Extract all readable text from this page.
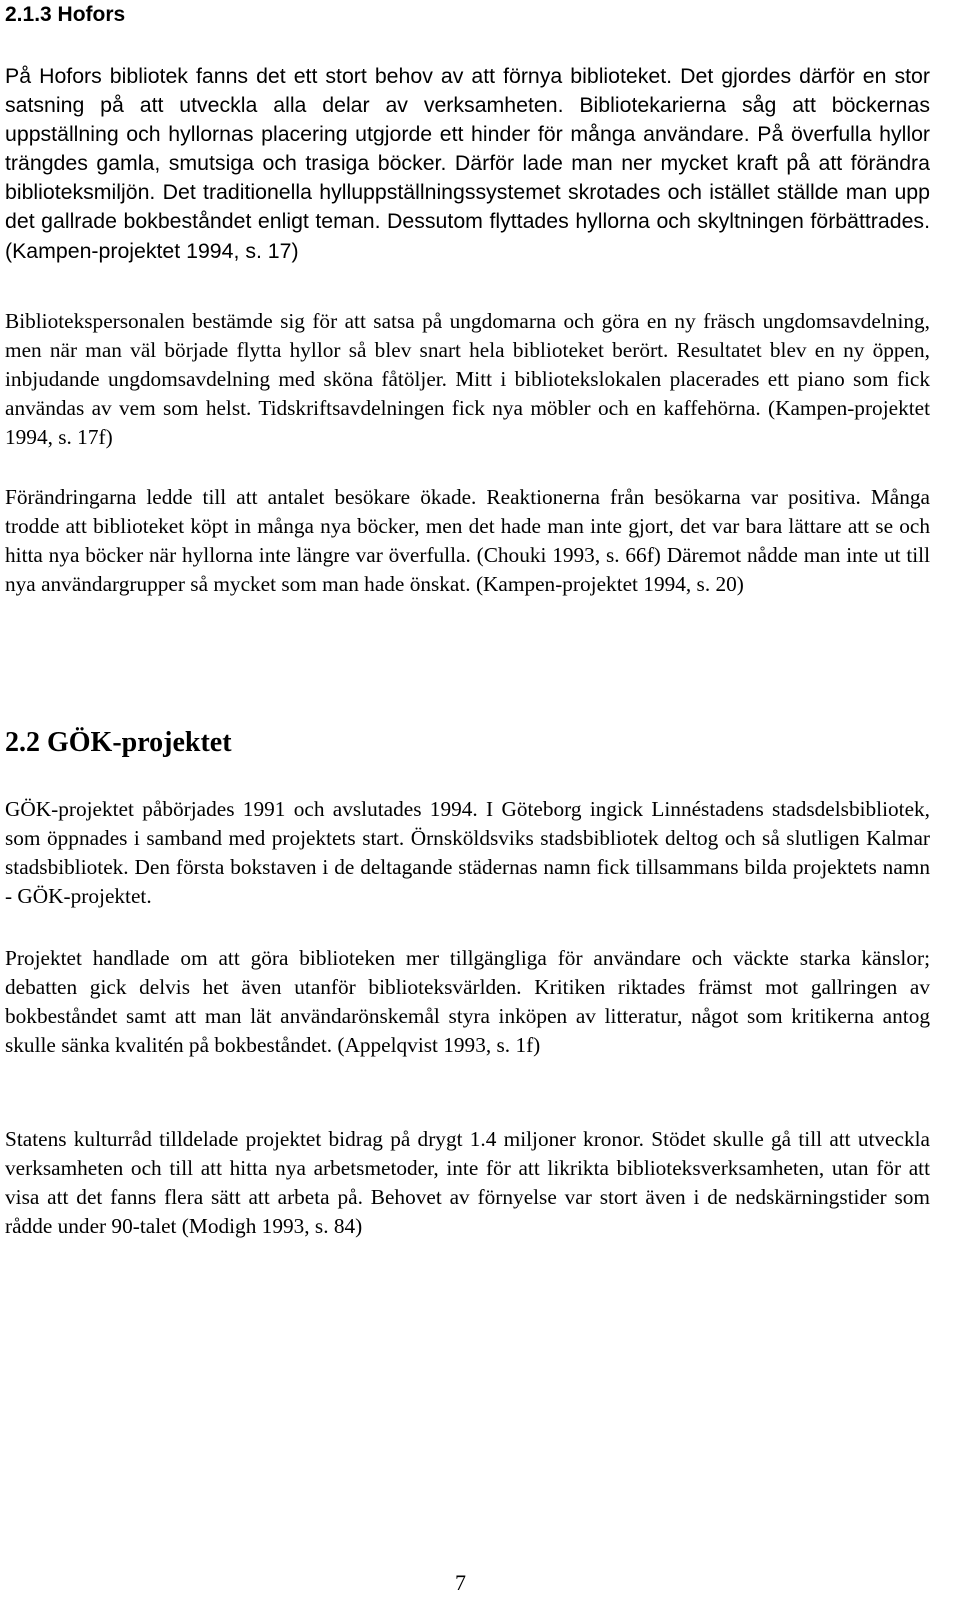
2.1.3 Hofors

På Hofors bibliotek fanns det ett stort behov av att förnya biblioteket. Det gjordes därför en stor satsning på att utveckla alla delar av verksamheten. Bibliotekarierna såg att böckernas uppställning och hyllornas placering utgjorde ett hinder för många användare. På överfulla hyllor trängdes gamla, smutsiga och trasiga böcker. Därför lade man ner mycket kraft på att förändra biblioteksmiljön. Det traditionella hylluppställningssystemet skrotades och istället ställde man upp det gallrade bokbeståndet enligt teman. Dessutom flyttades hyllorna och skyltningen förbättrades. (Kampen-projektet 1994, s. 17)

Bibliotekspersonalen bestämde sig för att satsa på ungdomarna och göra en ny fräsch ungdomsavdelning, men när man väl började flytta hyllor så blev snart hela biblioteket berört. Resultatet blev en ny öppen, inbjudande ungdomsavdelning med sköna fåtöljer. Mitt i bibliotekslokalen placerades ett piano som fick användas av vem som helst. Tidskriftsavdelningen fick nya möbler och en kaffehörna. (Kampen-projektet 1994, s. 17f)

Förändringarna ledde till att antalet besökare ökade. Reaktionerna från besökarna var positiva. Många trodde att biblioteket köpt in många nya böcker, men det hade man inte gjort, det var bara lättare att se och hitta nya böcker när hyllorna inte längre var överfulla. (Chouki 1993, s. 66f) Däremot nådde man inte ut till nya användargrupper så mycket som man hade önskat. (Kampen-projektet 1994, s. 20)

2.2 GÖK-projektet

GÖK-projektet påbörjades 1991 och avslutades 1994. I Göteborg ingick Linnéstadens stadsdelsbibliotek, som öppnades i samband med projektets start. Örnsköldsviks stadsbibliotek deltog och så slutligen Kalmar stadsbibliotek. Den första bokstaven i de deltagande städernas namn fick tillsammans bilda projektets namn - GÖK-projektet.

Projektet handlade om att göra biblioteken mer tillgängliga för användare och väckte starka känslor; debatten gick delvis het även utanför biblioteksvärlden. Kritiken riktades främst mot gallringen av bokbeståndet samt att man lät användarönskemål styra inköpen av litteratur, något som kritikerna antog skulle sänka kvalitén på bokbeståndet. (Appelqvist 1993, s. 1f)

Statens kulturråd tilldelade projektet bidrag på drygt 1.4 miljoner kronor. Stödet skulle gå till att utveckla verksamheten och till att hitta nya arbetsmetoder, inte för att likrikta biblioteksverksamheten, utan för att visa att det fanns flera sätt att arbeta på. Behovet av förnyelse var stort även i de nedskärningstider som rådde under 90-talet (Modigh 1993, s. 84)

7
